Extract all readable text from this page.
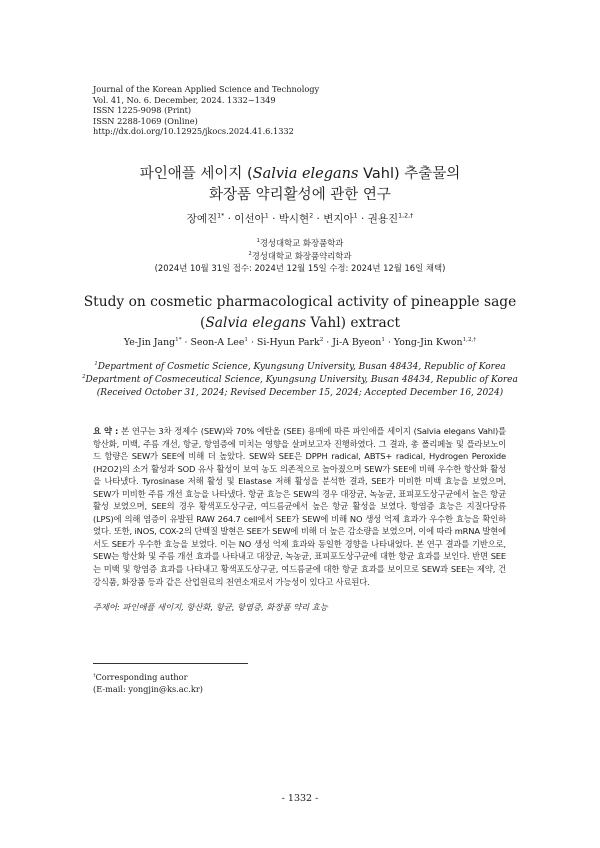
Journal of the Korean Applied Science and Technology
Vol. 41, No. 6. December, 2024. 1332~1349
ISSN 1225-9098 (Print)
ISSN 2288-1069 (Online)
http://dx.doi.org/10.12925/jkocs.2024.41.6.1332
파인애플 세이지 (Salvia elegans Vahl) 추출물의
화장품 약리활성에 관한 연구
장예진$^{1*}$ · 이선아$^1$ · 박시현$^2$ · 변지아$^1$ · 권용진$^{1,2,\dagger}$
$^1$경성대학교 화장품학과
$^2$경성대학교 화장품약리학과
(2024년 10월 31일 접수: 2024년 12월 15일 수정: 2024년 12월 16일 채택)
Study on cosmetic pharmacological activity of pineapple sage
(Salvia elegans Vahl) extract
Ye-Jin Jang$^{1*}$ · Seon-A Lee$^1$ · Si-Hyun Park$^2$ · Ji-A Byeon$^1$ · Yong-Jin Kwon$^{1,2,\dagger}$
$^1$Department of Cosmetic Science, Kyungsung University, Busan 48434, Republic of Korea
$^2$Department of Cosmeceutical Science, Kyungsung University, Busan 48434, Republic of Korea
(Received October 31, 2024; Revised December 15, 2024; Accepted December 16, 2024)
요 약 : 본 연구는 3차 정제수 (SEW)와 70% 에탄올 (SEE) 용매에 따른 파인애플 세이지 (Salvia elegans Vahl)를 항산화, 미백, 주름 개선, 항균, 항염증에 미치는 영향을 살펴보고자 진행하였다. 그 결과, 총 폴리페놀 및 플라보노이드 함량은 SEW가 SEE에 비해 더 높았다. SEW와 SEE은 DPPH radical, ABTS+ radical, Hydrogen Peroxide (H2O2)의 소거 활성과 SOD 유사 활성이 보여 농도 의존적으로 높아졌으며 SEW가 SEE에 비해 우수한 항산화 활성을 나타냈다. Tyrosinase 저해 활성 및 Elastase 저해 활성을 분석한 결과, SEE가 미비한 미백 효능을 보였으며, SEW가 미비한 주름 개선 효능을 나타냈다. 항균 효능은 SEW의 경우 대장균, 녹농균, 표피포도상구균에서 높은 항균 활성 보였으며, SEE의 경우 황색포도상구균, 여드름균에서 높은 항균 활성을 보였다. 항염증 효능은 지질다당류 (LPS)에 의해 염증이 유발된 RAW 264.7 cell에서 SEE가 SEW에 비해 NO 생성 억제 효과가 우수한 효능을 확인하였다. 또한, iNOS, COX-2의 단백질 발현은 SEE가 SEW에 비해 더 높은 감소량을 보였으며, 이에 따라 mRNA 발현에서도 SEE가 우수한 효능을 보였다. 이는 NO 생성 억제 효과와 동일한 경향을 나타내었다. 본 연구 결과를 기반으로, SEW는 항산화 및 주름 개선 효과를 나타내고 대장균, 녹농균, 표피포도상구균에 대한 항균 효과를 보인다. 반면 SEE는 미백 및 항염증 효과를 나타내고 황색포도상구균, 여드름균에 대한 항균 효과를 보이므로 SEW과 SEE는 제약, 건강식품, 화장품 등과 같은 산업원료의 천연소재로서 가능성이 있다고 사료된다.
주제어: 파인애플 세이지, 항산화, 항균, 항염증, 화장품 약리 효능
†Corresponding author
(E-mail: yongjin@ks.ac.kr)
- 1332 -
